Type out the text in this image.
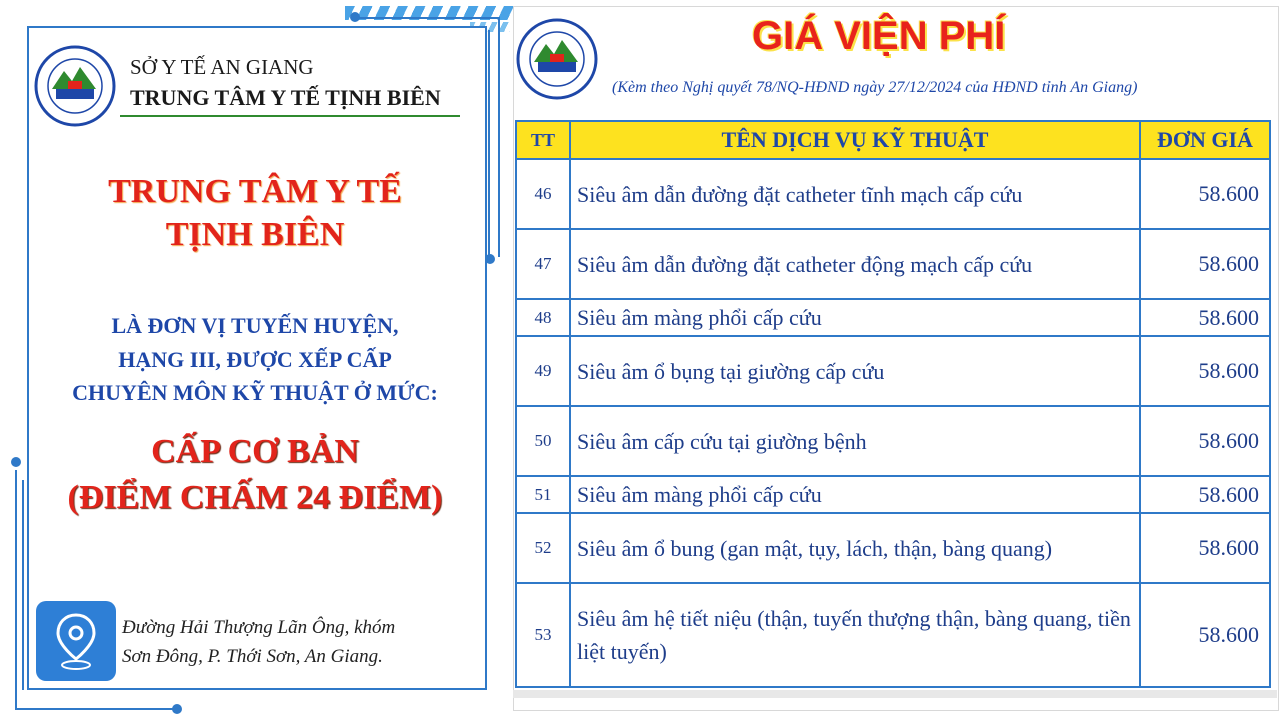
SỞ Y TẾ AN GIANG
TRUNG TÂM Y TẾ TỊNH BIÊN
TRUNG TÂM Y TẾ
TỊNH BIÊN
LÀ ĐƠN VỊ TUYẾN HUYỆN,
HẠNG III, ĐƯỢC XẾP CẤP
CHUYÊN MÔN KỸ THUẬT Ở MỨC:
CẤP CƠ BẢN
(ĐIỂM CHẤM 24 ĐIỂM)
Đường Hải Thượng Lãn Ông, khóm
Sơn Đông, P. Thới Sơn, An Giang.
GIÁ VIỆN PHÍ
(Kèm theo Nghị quyết 78/NQ-HĐND ngày 27/12/2024 của HĐND tỉnh An Giang)
TT	TÊN DỊCH VỤ KỸ THUẬT	ĐƠN GIÁ
46	Siêu âm dẫn đường đặt catheter tĩnh mạch cấp cứu	58.600
47	Siêu âm dẫn đường đặt catheter động mạch cấp cứu	58.600
48	Siêu âm màng phổi cấp cứu	58.600
49	Siêu âm ổ bụng tại giường cấp cứu	58.600
50	Siêu âm cấp cứu tại giường bệnh	58.600
51	Siêu âm màng phổi cấp cứu	58.600
52	Siêu âm ổ bung (gan mật, tụy, lách, thận, bàng quang)	58.600
53	Siêu âm hệ tiết niệu (thận, tuyến thượng thận, bàng quang, tiền liệt tuyến)	58.600
